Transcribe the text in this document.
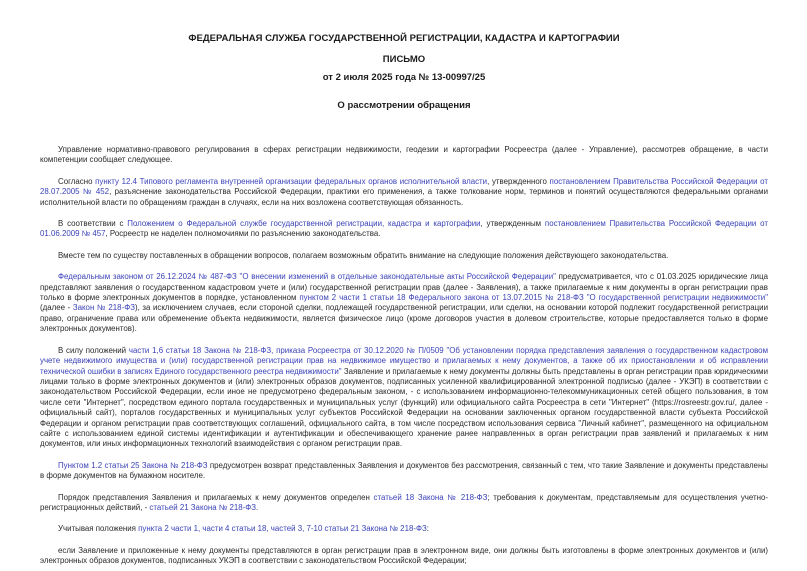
ФЕДЕРАЛЬНАЯ СЛУЖБА ГОСУДАРСТВЕННОЙ РЕГИСТРАЦИИ, КАДАСТРА И КАРТОГРАФИИ
ПИСЬМО
от 2 июля 2025 года № 13-00997/25
О рассмотрении обращения

Управление нормативно-правового регулирования в сферах регистрации недвижимости, геодезии и картографии Росреестра (далее - Управление), рассмотрев обращение, в части компетенции сообщает следующее.

Согласно пункту 12.4 Типового регламента внутренней организации федеральных органов исполнительной власти, утвержденного постановлением Правительства Российской Федерации от 28.07.2005 № 452, разъяснение законодательства Российской Федерации, практики его применения, а также толкование норм, терминов и понятий осуществляются федеральными органами исполнительной власти по обращениям граждан в случаях, если на них возложена соответствующая обязанность.

В соответствии с Положением о Федеральной службе государственной регистрации, кадастра и картографии, утвержденным постановлением Правительства Российской Федерации от 01.06.2009 № 457, Росреестр не наделен полномочиями по разъяснению законодательства.

Вместе тем по существу поставленных в обращении вопросов, полагаем возможным обратить внимание на следующие положения действующего законодательства.

Федеральным законом от 26.12.2024 № 487-ФЗ "О внесении изменений в отдельные законодательные акты Российской Федерации" предусматривается, что с 01.03.2025 юридические лица представляют заявления о государственном кадастровом учете и (или) государственной регистрации прав (далее - Заявления), а также прилагаемые к ним документы в орган регистрации прав только в форме электронных документов в порядке, установленном пунктом 2 части 1 статьи 18 Федерального закона от 13.07.2015 № 218-ФЗ "О государственной регистрации недвижимости" (далее - Закон № 218-ФЗ), за исключением случаев, если стороной сделки, подлежащей государственной регистрации, или сделки, на основании которой подлежит государственной регистрации право, ограничение права или обременение объекта недвижимости, является физическое лицо (кроме договоров участия в долевом строительстве, которые предоставляется только в форме электронных документов).

В силу положений части 1,6 статьи 18 Закона № 218-ФЗ, приказа Росреестра от 30.12.2020 № П/0509 "Об установлении порядка представления заявления о государственном кадастровом учете недвижимого имущества и (или) государственной регистрации прав на недвижимое имущество и прилагаемых к нему документов, а также об их приостановлении и об исправлении технической ошибки в записях Единого государственного реестра недвижимости" Заявление и прилагаемые к нему документы должны быть представлены в орган регистрации прав юридическими лицами только в форме электронных документов и (или) электронных образов документов, подписанных усиленной квалифицированной электронной подписью (далее - УКЭП) в соответствии с законодательством Российской Федерации, если иное не предусмотрено федеральным законом, - с использованием информационно-телекоммуникационных сетей общего пользования, в том числе сети "Интернет", посредством единого портала государственных и муниципальных услуг (функций) или официального сайта Росреестра в сети "Интернет" (https://rosreestr.gov.ru/, далее - официальный сайт), порталов государственных и муниципальных услуг субъектов Российской Федерации на основании заключенных органом государственной власти субъекта Российской Федерации и органом регистрации прав соответствующих соглашений, официального сайта, в том числе посредством использования сервиса "Личный кабинет", размещенного на официальном сайте с использованием единой системы идентификации и аутентификации и обеспечивающего хранение ранее направленных в орган регистрации прав заявлений и прилагаемых к ним документов, или иных информационных технологий взаимодействия с органом регистрации прав.

Пунктом 1.2 статьи 25 Закона № 218-ФЗ предусмотрен возврат представленных Заявления и документов без рассмотрения, связанный с тем, что такие Заявление и документы представлены в форме документов на бумажном носителе.

Порядок представления Заявления и прилагаемых к нему документов определен статьей 18 Закона № 218-ФЗ; требования к документам, представляемым для осуществления учетно-регистрационных действий, - статьей 21 Закона № 218-ФЗ.

Учитывая положения пункта 2 части 1, части 4 статьи 18, частей 3, 7-10 статьи 21 Закона № 218-ФЗ:

если Заявление и приложенные к нему документы представляются в орган регистрации прав в электронном виде, они должны быть изготовлены в форме электронных документов и (или) электронных образов документов, подписанных УКЭП в соответствии с законодательством Российской Федерации;
